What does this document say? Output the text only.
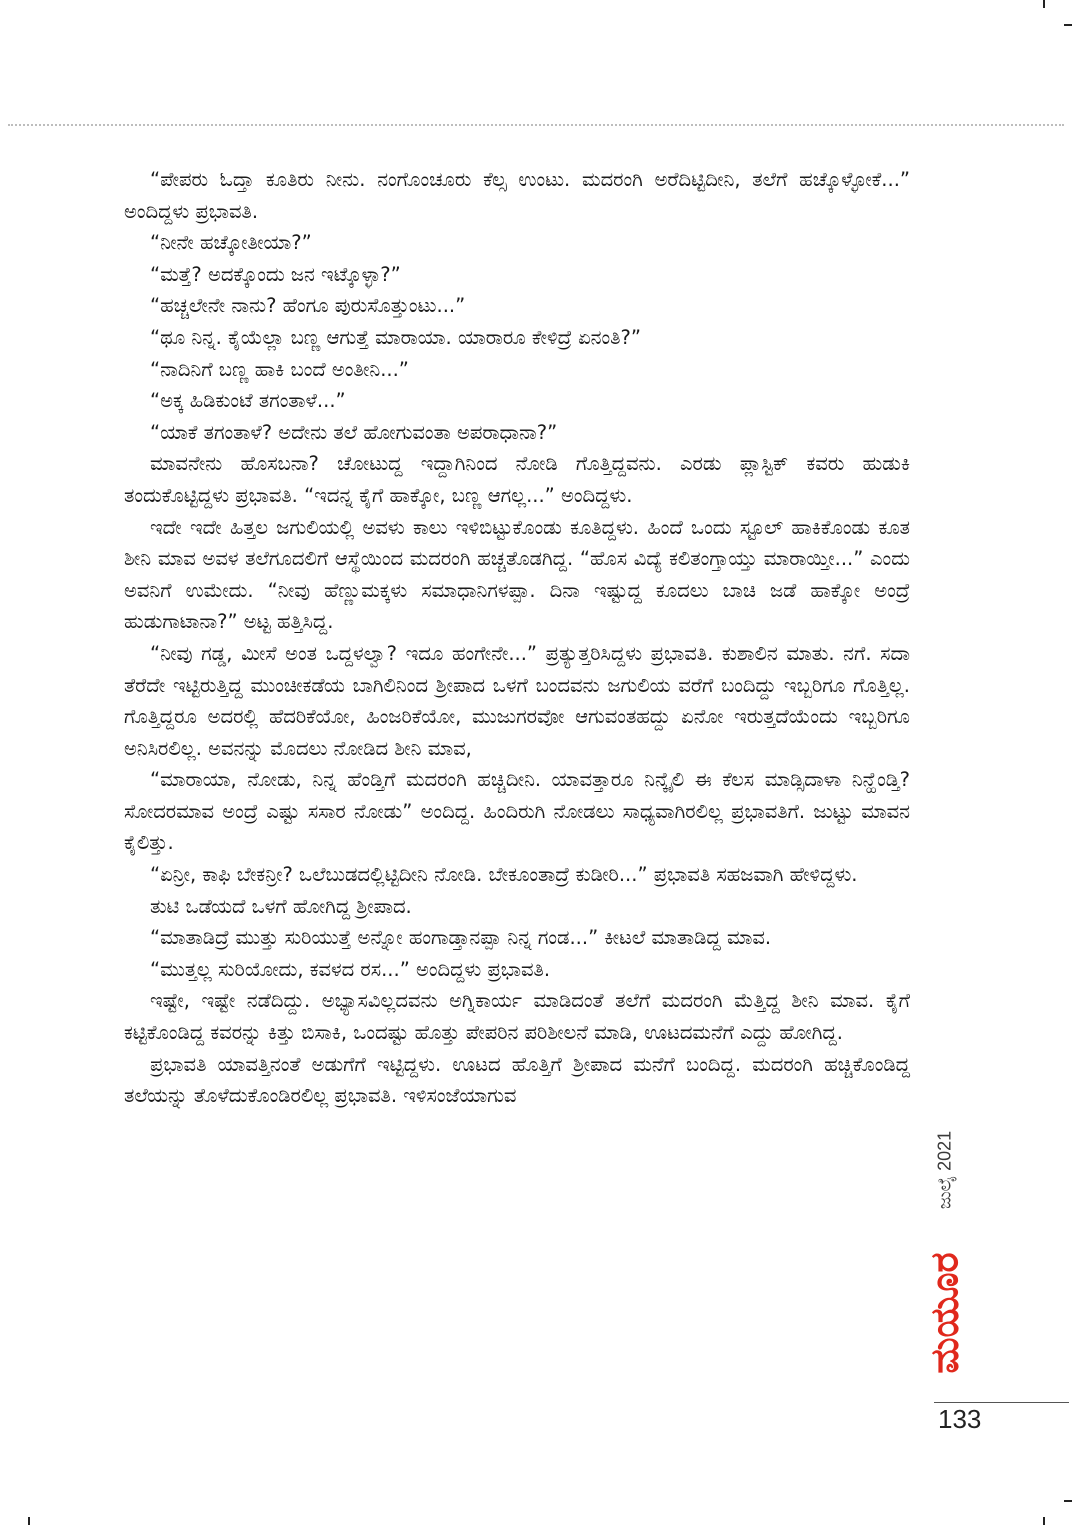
“ಪೇಪರು ಓದ್ತಾ ಕೂತಿರು ನೀನು. ನಂಗೊಂಚೂರು ಕೆಲ್ಸ ಉಂಟು. ಮದರಂಗಿ ಅರೆದಿಟ್ಟಿದೀನಿ, ತಲೆಗೆ ಹಚ್ಕೊಳ್ಳೋಕೆ...” ಅಂದಿದ್ದಳು ಪ್ರಭಾವತಿ.

“ನೀನೇ ಹಚ್ಕೋತೀಯಾ?”

“ಮತ್ತೆ? ಅದಕ್ಕೊಂದು ಜನ ಇಟ್ಕೊಳ್ಳಾ?”

“ಹಚ್ಚಲೇನೇ ನಾನು? ಹೆಂಗೂ ಪುರುಸೊತ್ತುಂಟು...”

“ಥೂ ನಿನ್ನ. ಕೈಯೆಲ್ಲಾ ಬಣ್ಣ ಆಗುತ್ತೆ ಮಾರಾಯಾ. ಯಾರಾರೂ ಕೇಳಿದ್ರೆ ಏನಂತಿ?”

“ನಾದಿನಿಗೆ ಬಣ್ಣ ಹಾಕಿ ಬಂದೆ ಅಂತೀನಿ...”

“ಅಕ್ಕ ಹಿಡಿಕುಂಟೆ ತಗಂತಾಳೆ...”

“ಯಾಕೆ ತಗಂತಾಳೆ? ಅದೇನು ತಲೆ ಹೋಗುವಂತಾ ಅಪರಾಧಾನಾ?”

ಮಾವನೇನು ಹೊಸಬನಾ? ಚೋಟುದ್ದ ಇದ್ದಾಗಿನಿಂದ ನೋಡಿ ಗೊತ್ತಿದ್ದವನು. ಎರಡು ಪ್ಲಾಸ್ಟಿಕ್ ಕವರು ಹುಡುಕಿ ತಂದುಕೊಟ್ಟಿದ್ದಳು ಪ್ರಭಾವತಿ. “ಇದನ್ನ ಕೈಗೆ ಹಾಕ್ಕೋ, ಬಣ್ಣ ಆಗಲ್ಲ...” ಅಂದಿದ್ದಳು.

ಇದೇ ಇದೇ ಹಿತ್ತಲ ಜಗುಲಿಯಲ್ಲಿ ಅವಳು ಕಾಲು ಇಳಿಬಿಟ್ಟುಕೊಂಡು ಕೂತಿದ್ದಳು. ಹಿಂದೆ ಒಂದು ಸ್ಟೂಲ್ ಹಾಕಿಕೊಂಡು ಕೂತ ಶೀನಿ ಮಾವ ಅವಳ ತಲೆಗೂದಲಿಗೆ ಆಸ್ಥೆಯಿಂದ ಮದರಂಗಿ ಹಚ್ಚತೊಡಗಿದ್ದ. “ಹೊಸ ವಿದ್ಯೆ ಕಲಿತಂಗ್ತಾಯ್ತು ಮಾರಾಯ್ತೀ...” ಎಂದು ಅವನಿಗೆ ಉಮೇದು. “ನೀವು ಹೆಣ್ಣುಮಕ್ಕಳು ಸಮಾಧಾನಿಗಳಪ್ಪಾ. ದಿನಾ ಇಷ್ಟುದ್ದ ಕೂದಲು ಬಾಚಿ ಜಡೆ ಹಾಕ್ಕೋ ಅಂದ್ರೆ ಹುಡುಗಾಟಾನಾ?” ಅಟ್ಟ ಹತ್ತಿಸಿದ್ದ.

“ನೀವು ಗಡ್ಡ, ಮೀಸೆ ಅಂತ ಒದ್ದಳಲ್ವಾ? ಇದೂ ಹಂಗೇನೇ...” ಪ್ರತ್ಯುತ್ತರಿಸಿದ್ದಳು ಪ್ರಭಾವತಿ. ಕುಶಾಲಿನ ಮಾತು. ನಗೆ. ಸದಾ ತೆರೆದೇ ಇಟ್ಟಿರುತ್ತಿದ್ದ ಮುಂಚೀಕಡೆಯ ಬಾಗಿಲಿನಿಂದ ಶ್ರೀಪಾದ ಒಳಗೆ ಬಂದವನು ಜಗುಲಿಯ ವರೆಗೆ ಬಂದಿದ್ದು ಇಬ್ಬರಿಗೂ ಗೊತ್ತಿಲ್ಲ. ಗೊತ್ತಿದ್ದರೂ ಅದರಲ್ಲಿ ಹೆದರಿಕೆಯೋ, ಹಿಂಜರಿಕೆಯೋ, ಮುಜುಗರವೋ ಆಗುವಂತಹದ್ದು ಏನೋ ಇರುತ್ತದೆಯೆಂದು ಇಬ್ಬರಿಗೂ ಅನಿಸಿರಲಿಲ್ಲ. ಅವನನ್ನು ಮೊದಲು ನೋಡಿದ ಶೀನಿ ಮಾವ,

“ಮಾರಾಯಾ, ನೋಡು, ನಿನ್ನ ಹೆಂಡ್ತಿಗೆ ಮದರಂಗಿ ಹಚ್ಚಿದೀನಿ. ಯಾವತ್ತಾರೂ ನಿನ್ಕೈಲಿ ಈ ಕೆಲಸ ಮಾಡ್ಸಿದಾಳಾ ನಿನ್ಹೆಂಡ್ತಿ? ಸೋದರಮಾವ ಅಂದ್ರೆ ಎಷ್ಟು ಸಸಾರ ನೋಡು” ಅಂದಿದ್ದ. ಹಿಂದಿರುಗಿ ನೋಡಲು ಸಾಧ್ಯವಾಗಿರಲಿಲ್ಲ ಪ್ರಭಾವತಿಗೆ. ಜುಟ್ಟು ಮಾವನ ಕೈಲಿತ್ತು.

“ಏನ್ರೀ, ಕಾಫಿ ಬೇಕನ್ರೀ? ಒಲೆಬುಡದಲ್ಲಿಟ್ಟಿದೀನಿ ನೋಡಿ. ಬೇಕೂಂತಾದ್ರೆ ಕುಡೀರಿ...” ಪ್ರಭಾವತಿ ಸಹಜವಾಗಿ ಹೇಳಿದ್ದಳು.

ತುಟಿ ಒಡೆಯದೆ ಒಳಗೆ ಹೋಗಿದ್ದ ಶ್ರೀಪಾದ.

“ಮಾತಾಡಿದ್ರೆ ಮುತ್ತು ಸುರಿಯುತ್ತೆ ಅನ್ನೋ ಹಂಗಾಡ್ತಾನಪ್ಪಾ ನಿನ್ನ ಗಂಡ...” ಕೀಟಲೆ ಮಾತಾಡಿದ್ದ ಮಾವ.

“ಮುತ್ತಲ್ಲ ಸುರಿಯೋದು, ಕವಳದ ರಸ...” ಅಂದಿದ್ದಳು ಪ್ರಭಾವತಿ.

ಇಷ್ಟೇ, ಇಷ್ಟೇ ನಡೆದಿದ್ದು. ಅಭ್ಯಾಸವಿಲ್ಲದವನು ಅಗ್ನಿಕಾರ್ಯ ಮಾಡಿದಂತೆ ತಲೆಗೆ ಮದರಂಗಿ ಮೆತ್ತಿದ್ದ ಶೀನಿ ಮಾವ. ಕೈಗೆ ಕಟ್ಟಿಕೊಂಡಿದ್ದ ಕವರನ್ನು ಕಿತ್ತು ಬಿಸಾಕಿ, ಒಂದಷ್ಟು ಹೊತ್ತು ಪೇಪರಿನ ಪರಿಶೀಲನೆ ಮಾಡಿ, ಊಟದಮನೆಗೆ ಎದ್ದು ಹೋಗಿದ್ದ.

ಪ್ರಭಾವತಿ ಯಾವತ್ತಿನಂತೆ ಅಡುಗೆಗೆ ಇಟ್ಟಿದ್ದಳು. ಊಟದ ಹೊತ್ತಿಗೆ ಶ್ರೀಪಾದ ಮನೆಗೆ ಬಂದಿದ್ದ. ಮದರಂಗಿ ಹಚ್ಚಿಕೊಂಡಿದ್ದ ತಲೆಯನ್ನು ತೊಳೆದುಕೊಂಡಿರಲಿಲ್ಲ ಪ್ರಭಾವತಿ. ಇಳಿಸಂಜೆಯಾಗುವ

ಜುಲೈ 2021
ಮಯೂರ
133
